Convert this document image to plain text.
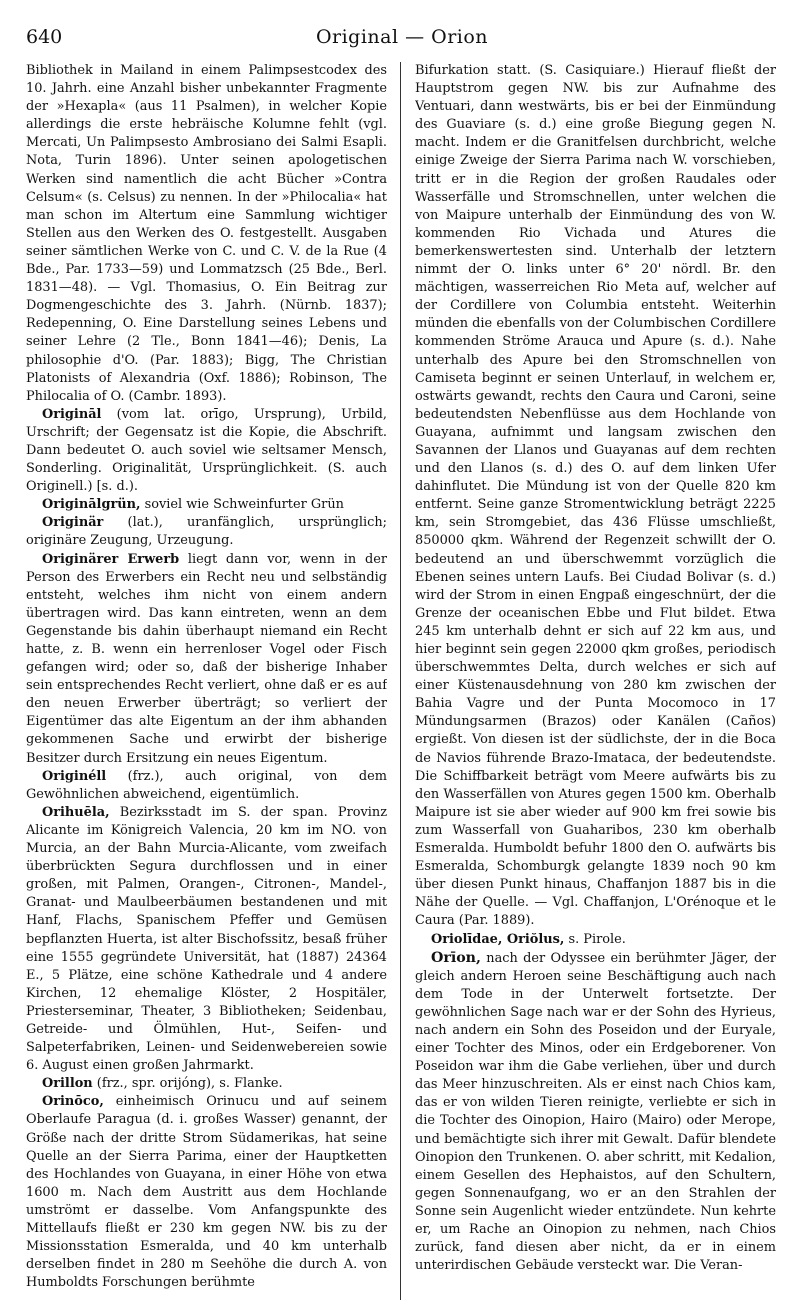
640	Original — Orion

Bibliothek in Mailand in einem Palimpsestcodex des 10. Jahrh. eine Anzahl bisher unbekannter Fragmente der »Hexapla« (aus 11 Psalmen), in welcher Kopie allerdings die erste hebräische Kolumne fehlt (vgl. Mercati, Un Palimpsesto Ambrosiano dei Salmi Esapli. Nota, Turin 1896). Unter seinen apologetischen Werken sind namentlich die acht Bücher »Contra Celsum« (s. Celsus) zu nennen. In der »Philocalia« hat man schon im Altertum eine Sammlung wichtiger Stellen aus den Werken des O. festgestellt. Ausgaben seiner sämtlichen Werke von C. und C. V. de la Rue (4 Bde., Par. 1733—59) und Lommatzsch (25 Bde., Berl. 1831—48). — Vgl. Thomasius, O. Ein Beitrag zur Dogmengeschichte des 3. Jahrh. (Nürnb. 1837); Redepenning, O. Eine Darstellung seines Lebens und seiner Lehre (2 Tle., Bonn 1841—46); Denis, La philosophie d'O. (Par. 1883); Bigg, The Christian Platonists of Alexandria (Oxf. 1886); Robinson, The Philocalia of O. (Cambr. 1893).

Origināl (vom lat. orīgo, Ursprung), Urbild, Urschrift; der Gegensatz ist die Kopie, die Abschrift. Dann bedeutet O. auch soviel wie seltsamer Mensch, Sonderling. Originalität, Ursprünglichkeit. (S. auch Originell.) [s. d.).

Originālgrün, soviel wie Schweinfurter Grün

Originär (lat.), uranfänglich, ursprünglich; originäre Zeugung, Urzeugung.

Originärer Erwerb liegt dann vor, wenn in der Person des Erwerbers ein Recht neu und selbständig entsteht, welches ihm nicht von einem andern übertragen wird. Das kann eintreten, wenn an dem Gegenstande bis dahin überhaupt niemand ein Recht hatte, z. B. wenn ein herrenloser Vogel oder Fisch gefangen wird; oder so, daß der bisherige Inhaber sein entsprechendes Recht verliert, ohne daß er es auf den neuen Erwerber überträgt; so verliert der Eigentümer das alte Eigentum an der ihm abhanden gekommenen Sache und erwirbt der bisherige Besitzer durch Ersitzung ein neues Eigentum.

Originéll (frz.), auch original, von dem Gewöhnlichen abweichend, eigentümlich.

Orihuēla, Bezirksstadt im S. der span. Provinz Alicante im Königreich Valencia, 20 km im NO. von Murcia, an der Bahn Murcia-Alicante, vom zweifach überbrückten Segura durchflossen und in einer großen, mit Palmen, Orangen-, Citronen-, Mandel-, Granat- und Maulbeerbäumen bestandenen und mit Hanf, Flachs, Spanischem Pfeffer und Gemüsen bepflanzten Huerta, ist alter Bischofssitz, besaß früher eine 1555 gegründete Universität, hat (1887) 24364 E., 5 Plätze, eine schöne Kathedrale und 4 andere Kirchen, 12 ehemalige Klöster, 2 Hospitäler, Priesterseminar, Theater, 3 Bibliotheken; Seidenbau, Getreide- und Ölmühlen, Hut-, Seifen- und Salpeterfabriken, Leinen- und Seidenwebereien sowie 6. August einen großen Jahrmarkt.

Orillon (frz., spr. orijóng), s. Flanke.

Orinōco, einheimisch Orinucu und auf seinem Oberlaufe Paragua (d. i. großes Wasser) genannt, der Größe nach der dritte Strom Südamerikas, hat seine Quelle an der Sierra Parima, einer der Hauptketten des Hochlandes von Guayana, in einer Höhe von etwa 1600 m. Nach dem Austritt aus dem Hochlande umströmt er dasselbe. Vom Anfangspunkte des Mittellaufs fließt er 230 km gegen NW. bis zu der Missionsstation Esmeralda, und 40 km unterhalb derselben findet in 280 m Seehöhe die durch A. von Humboldts Forschungen berühmte

Bifurkation statt. (S. Casiquiare.) Hierauf fließt der Hauptstrom gegen NW. bis zur Aufnahme des Ventuari, dann westwärts, bis er bei der Einmündung des Guaviare (s. d.) eine große Biegung gegen N. macht. Indem er die Granitfelsen durchbricht, welche einige Zweige der Sierra Parima nach W. vorschieben, tritt er in die Region der großen Raudales oder Wasserfälle und Stromschnellen, unter welchen die von Maipure unterhalb der Einmündung des von W. kommenden Rio Vichada und Atures die bemerkenswertesten sind. Unterhalb der letztern nimmt der O. links unter 6° 20' nördl. Br. den mächtigen, wasserreichen Rio Meta auf, welcher auf der Cordillere von Columbia entsteht. Weiterhin münden die ebenfalls von der Columbischen Cordillere kommenden Ströme Arauca und Apure (s. d.). Nahe unterhalb des Apure bei den Stromschnellen von Camiseta beginnt er seinen Unterlauf, in welchem er, ostwärts gewandt, rechts den Caura und Caroni, seine bedeutendsten Nebenflüsse aus dem Hochlande von Guayana, aufnimmt und langsam zwischen den Savannen der Llanos und Guayanas auf dem rechten und den Llanos (s. d.) des O. auf dem linken Ufer dahinflutet. Die Mündung ist von der Quelle 820 km entfernt. Seine ganze Stromentwicklung beträgt 2225 km, sein Stromgebiet, das 436 Flüsse umschließt, 850000 qkm. Während der Regenzeit schwillt der O. bedeutend an und überschwemmt vorzüglich die Ebenen seines untern Laufs. Bei Ciudad Bolivar (s. d.) wird der Strom in einen Engpaß eingeschnürt, der die Grenze der oceanischen Ebbe und Flut bildet. Etwa 245 km unterhalb dehnt er sich auf 22 km aus, und hier beginnt sein gegen 22000 qkm großes, periodisch überschwemmtes Delta, durch welches er sich auf einer Küstenausdehnung von 280 km zwischen der Bahia Vagre und der Punta Mocomoco in 17 Mündungsarmen (Brazos) oder Kanälen (Caños) ergießt. Von diesen ist der südlichste, der in die Boca de Navios führende Brazo-Imataca, der bedeutendste. Die Schiffbarkeit beträgt vom Meere aufwärts bis zu den Wasserfällen von Atures gegen 1500 km. Oberhalb Maipure ist sie aber wieder auf 900 km frei sowie bis zum Wasserfall von Guaharibos, 230 km oberhalb Esmeralda. Humboldt befuhr 1800 den O. aufwärts bis Esmeralda, Schomburgk gelangte 1839 noch 90 km über diesen Punkt hinaus, Chaffanjon 1887 bis in die Nähe der Quelle. — Vgl. Chaffanjon, L'Orénoque et le Caura (Par. 1889).

Oriolīdae, Oriŏlus, s. Pirole.

Orīon, nach der Odyssee ein berühmter Jäger, der gleich andern Heroen seine Beschäftigung auch nach dem Tode in der Unterwelt fortsetzte. Der gewöhnlichen Sage nach war er der Sohn des Hyrieus, nach andern ein Sohn des Poseidon und der Euryale, einer Tochter des Minos, oder ein Erdgeborener. Von Poseidon war ihm die Gabe verliehen, über und durch das Meer hinzuschreiten. Als er einst nach Chios kam, das er von wilden Tieren reinigte, verliebte er sich in die Tochter des Oinopion, Hairo (Mairo) oder Merope, und bemächtigte sich ihrer mit Gewalt. Dafür blendete Oinopion den Trunkenen. O. aber schritt, mit Kedalion, einem Gesellen des Hephaistos, auf den Schultern, gegen Sonnenaufgang, wo er an den Strahlen der Sonne sein Augenlicht wieder entzündete. Nun kehrte er, um Rache an Oinopion zu nehmen, nach Chios zurück, fand diesen aber nicht, da er in einem unterirdischen Gebäude versteckt war. Die Veran-
